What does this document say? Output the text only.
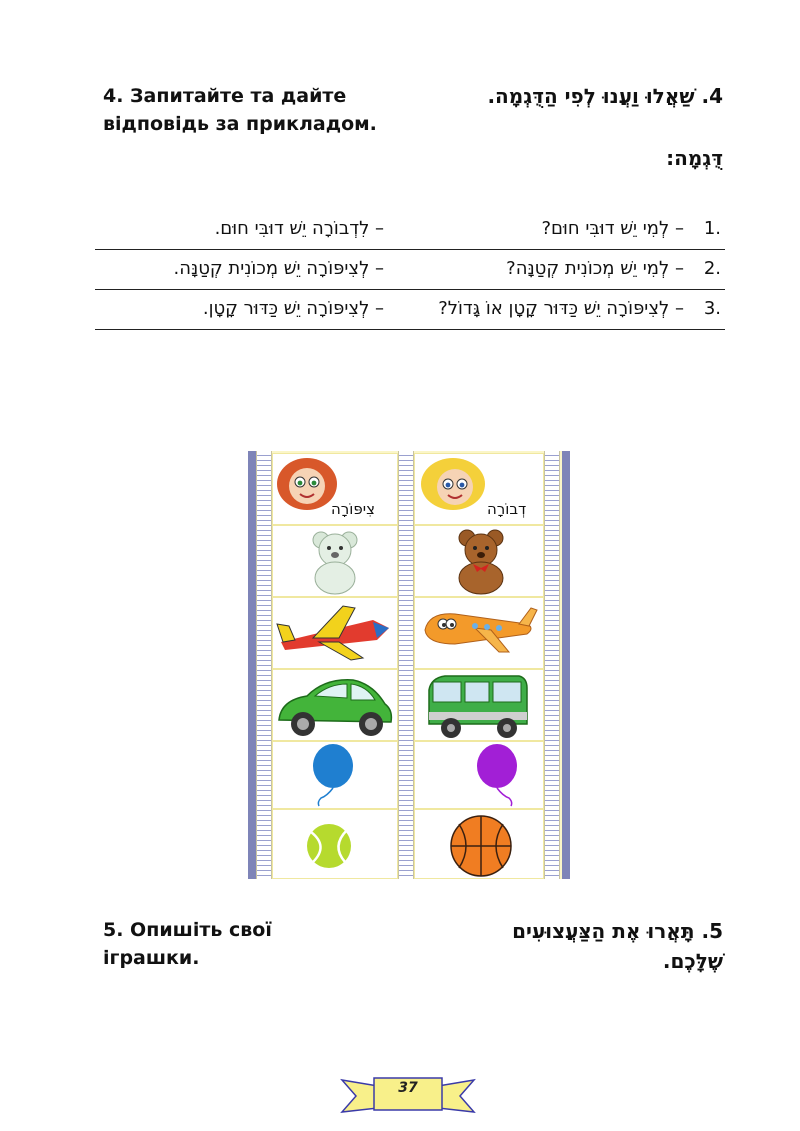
4. Запитайте та дайте відповідь за прикладом.
4. שַׁאֲלוּ וַעֲנוּ לְפִי הַדֻּגְמָה.
דֻּגְמָה:
1.	– לְמִי יֵשׁ דוּבִּי חוּם?	– לִדְבוֹרָה יֵשׁ דוּבִּי חוּם.
2.	– לְמִי יֵשׁ מְכוֹנִית קְטַנָּה?	– לְצִיפּוֹרָה יֵשׁ מְכוֹנִית קְטַנָּה.
3.	– לְצִיפּוֹרָה יֵשׁ כַּדּוּר קָטָן אוֹ גָּדוֹל?	– לְצִיפּוֹרָה יֵשׁ כַּדּוּר קָטָן.
צִיפּוֹרָה	דְבוֹרָה
5. Опишіть свої іграшки.
5. תָּאֲרוּ אֶת הַצַּעֲצוּעִים שֶׁלָּכֶם.
37
